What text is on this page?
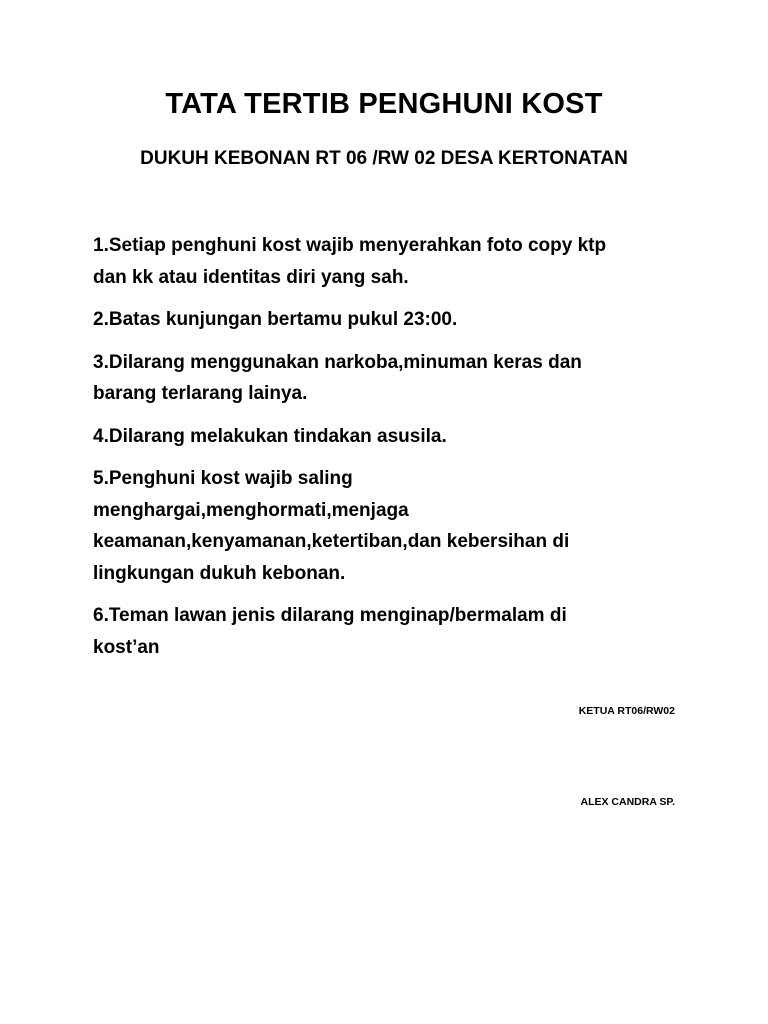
TATA TERTIB PENGHUNI KOST
DUKUH KEBONAN RT 06 /RW 02 DESA KERTONATAN
1.Setiap penghuni kost wajib menyerahkan foto copy ktp
dan kk atau identitas diri yang sah.
2.Batas kunjungan bertamu pukul 23:00.
3.Dilarang menggunakan narkoba,minuman keras dan
barang terlarang lainya.
4.Dilarang melakukan tindakan asusila.
5.Penghuni kost wajib saling
menghargai,menghormati,menjaga
keamanan,kenyamanan,ketertiban,dan kebersihan di
lingkungan dukuh kebonan.
6.Teman lawan jenis dilarang menginap/bermalam di
kost’an
KETUA RT06/RW02
ALEX CANDRA SP.
